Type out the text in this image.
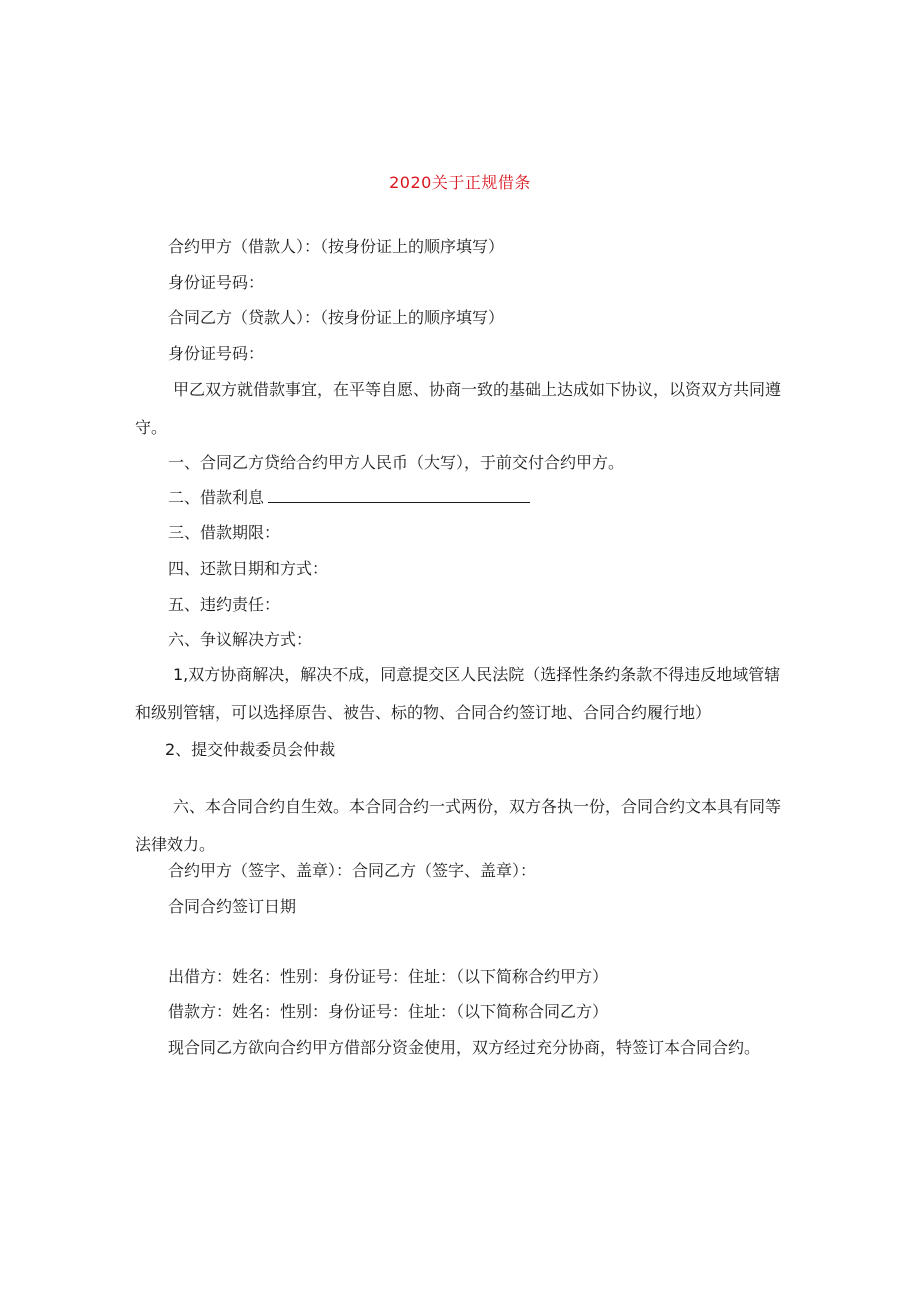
2020关于正规借条
合约甲方（借款人）：（按身份证上的顺序填写）
身份证号码：
合同乙方（贷款人）：（按身份证上的顺序填写）
身份证号码：
甲乙双方就借款事宜，在平等自愿、协商一致的基础上达成如下协议，以资双方共同遵守。
一、合同乙方贷给合约甲方人民币（大写），于前交付合约甲方。
二、借款利息
三、借款期限：
四、还款日期和方式：
五、违约责任：
六、争议解决方式：
1,双方协商解决，解决不成，同意提交区人民法院（选择性条约条款不得违反地域管辖和级别管辖，可以选择原告、被告、标的物、合同合约签订地、合同合约履行地）
2、提交仲裁委员会仲裁
六、本合同合约自生效。本合同合约一式两份，双方各执一份，合同合约文本具有同等法律效力。
合约甲方（签字、盖章）：合同乙方（签字、盖章）：
合同合约签订日期
出借方：姓名：性别：身份证号：住址：（以下简称合约甲方）
借款方：姓名：性别：身份证号：住址：（以下简称合同乙方）
现合同乙方欲向合约甲方借部分资金使用，双方经过充分协商，特签订本合同合约。
